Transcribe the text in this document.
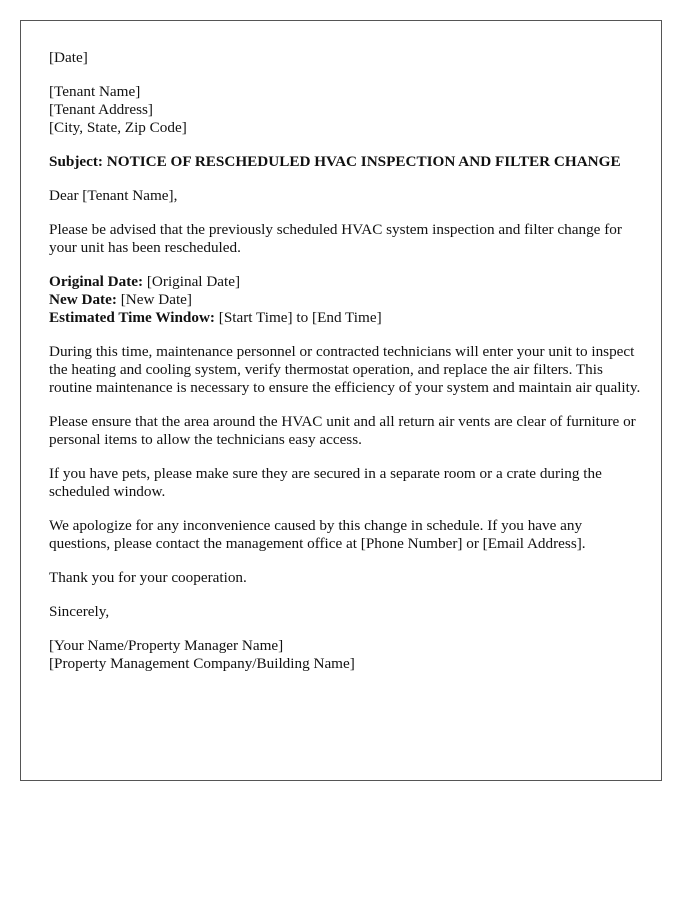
[Date]
[Tenant Name]
[Tenant Address]
[City, State, Zip Code]
Subject: NOTICE OF RESCHEDULED HVAC INSPECTION AND FILTER CHANGE
Dear [Tenant Name],
Please be advised that the previously scheduled HVAC system inspection and filter change for your unit has been rescheduled.
Original Date: [Original Date]
New Date: [New Date]
Estimated Time Window: [Start Time] to [End Time]
During this time, maintenance personnel or contracted technicians will enter your unit to inspect the heating and cooling system, verify thermostat operation, and replace the air filters. This routine maintenance is necessary to ensure the efficiency of your system and maintain air quality.
Please ensure that the area around the HVAC unit and all return air vents are clear of furniture or personal items to allow the technicians easy access.
If you have pets, please make sure they are secured in a separate room or a crate during the scheduled window.
We apologize for any inconvenience caused by this change in schedule. If you have any questions, please contact the management office at [Phone Number] or [Email Address].
Thank you for your cooperation.
Sincerely,
[Your Name/Property Manager Name]
[Property Management Company/Building Name]
